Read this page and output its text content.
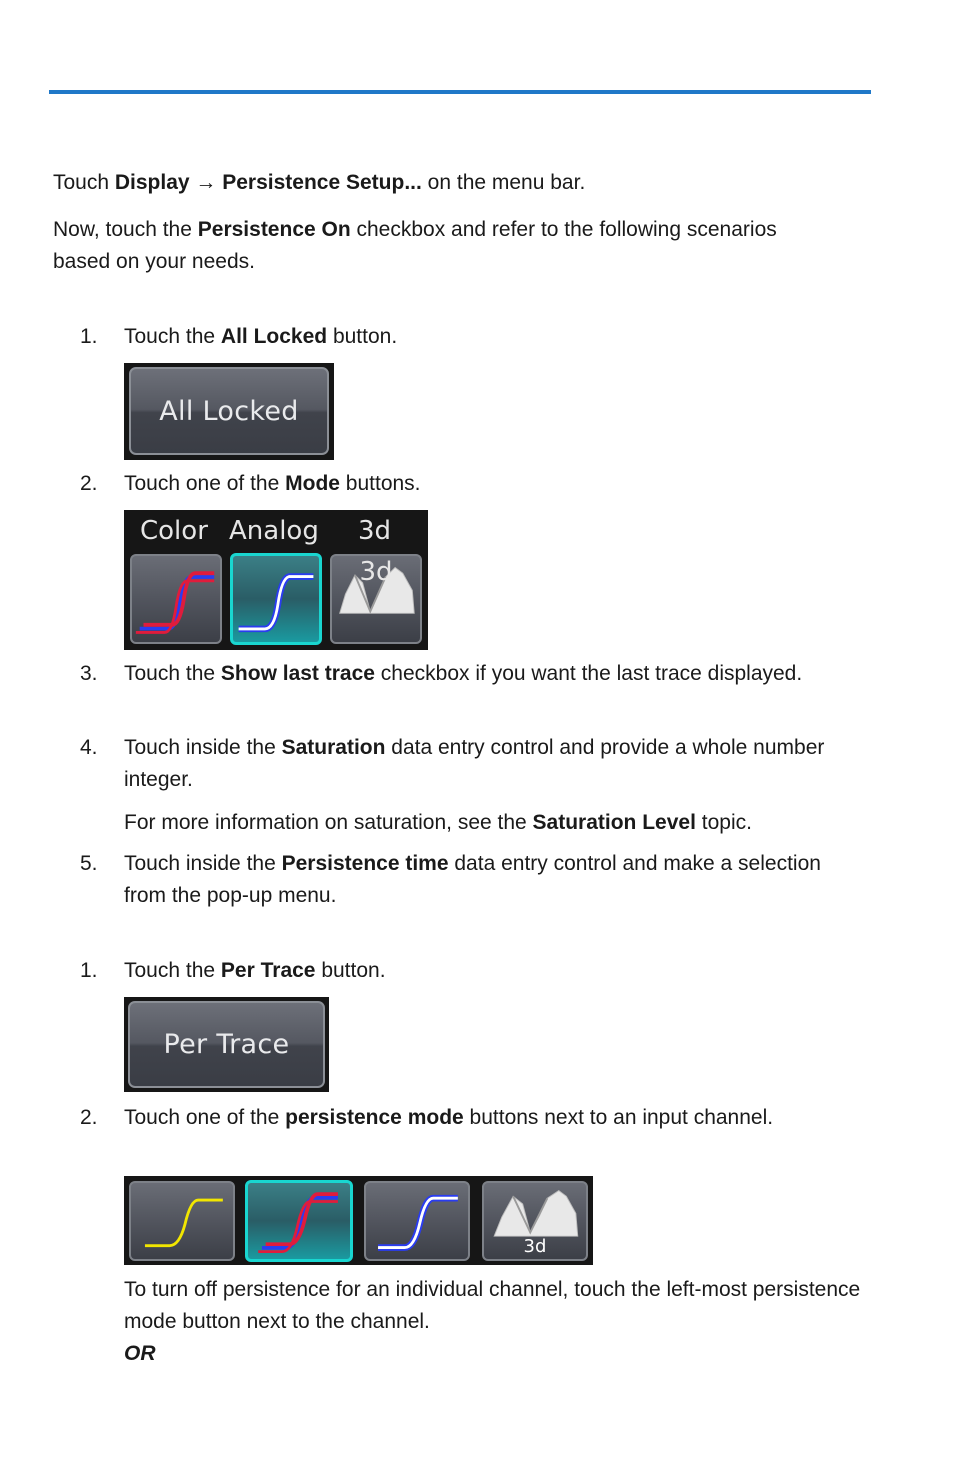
Touch Display → Persistence Setup... on the menu bar.

Now, touch the Persistence On checkbox and refer to the following scenarios based on your needs.

1. Touch the All Locked button.

All Locked
2. Touch one of the Mode buttons.

Color Analog 3d
3d
3. Touch the Show last trace checkbox if you want the last trace displayed.

4. Touch inside the Saturation data entry control and provide a whole number integer.

For more information on saturation, see the Saturation Level topic.

5. Touch inside the Persistence time data entry control and make a selection from the pop-up menu.

1. Touch the Per Trace button.

Per Trace
2. Touch one of the persistence mode buttons next to an input channel.

3d

To turn off persistence for an individual channel, touch the left-most persistence mode button next to the channel.

OR
